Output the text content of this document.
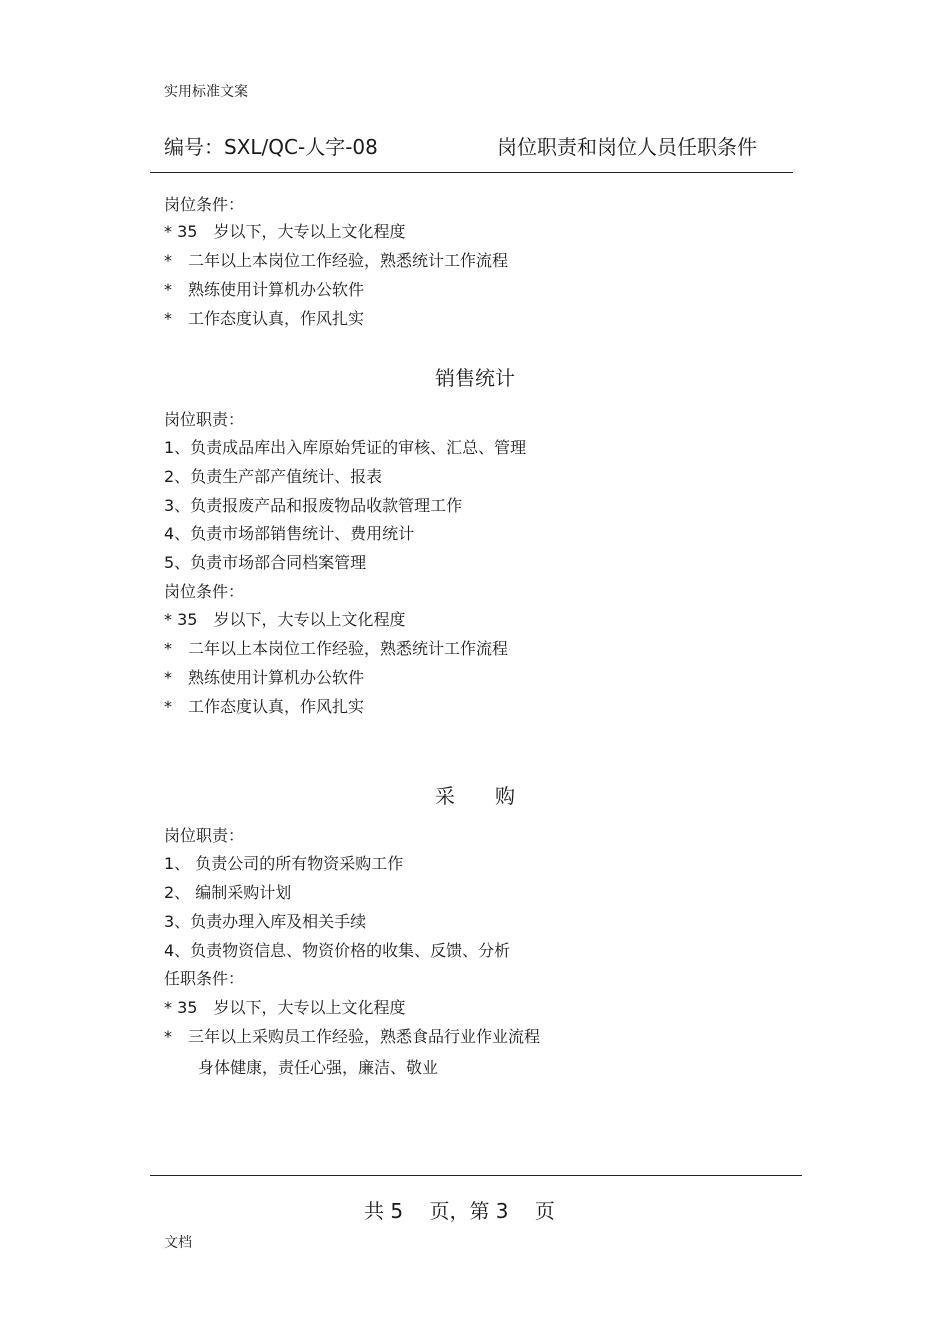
实用标准文案
编号：SXL/QC-人字-08	岗位职责和岗位人员任职条件
岗位条件：
* 35　岁以下，大专以上文化程度
*　二年以上本岗位工作经验，熟悉统计工作流程
*　熟练使用计算机办公软件
*　工作态度认真，作风扎实
销售统计
岗位职责：
1、负责成品库出入库原始凭证的审核、汇总、管理
2、负责生产部产值统计、报表
3、负责报废产品和报废物品收款管理工作
4、负责市场部销售统计、费用统计
5、负责市场部合同档案管理
岗位条件：
* 35　岁以下，大专以上文化程度
*　二年以上本岗位工作经验，熟悉统计工作流程
*　熟练使用计算机办公软件
*　工作态度认真，作风扎实
采　　购
岗位职责：
1、 负责公司的所有物资采购工作
2、 编制采购计划
3、负责办理入库及相关手续
4、负责物资信息、物资价格的收集、反馈、分析
任职条件：
* 35　岁以下，大专以上文化程度
*　三年以上采购员工作经验，熟悉食品行业作业流程
身体健康，责任心强，廉洁、敬业
共 5　 页，第 3　 页
文档
